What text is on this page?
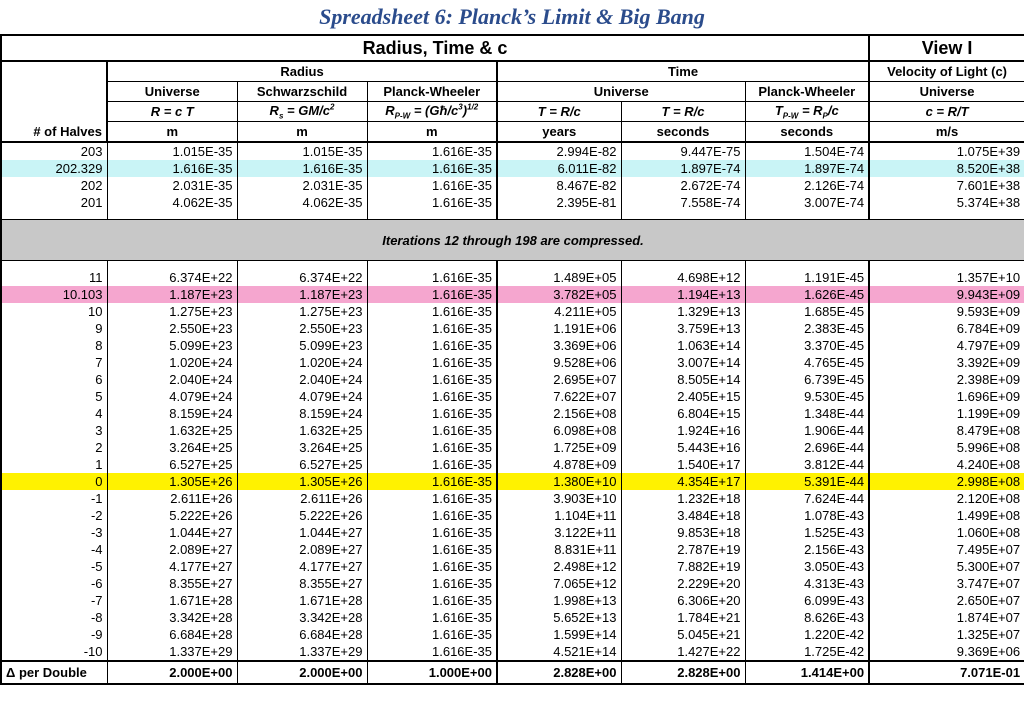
Spreadsheet 6: Planck’s Limit & Big Bang
Radius, Time & c							View I
	Radius			Time			Velocity of Light (c)
	Universe	Schwarzschild	Planck-Wheeler	Universe		Planck-Wheeler	Universe
	R = c T	$R_s = GM/c^2$	$R_{P-W}$ = $(Għ/c^3)^{1/2}$	T = R/c	T = R/c	$T_{P-W} = R_P/c$	c = R/T
# of Halves	m	m	m	years	seconds	seconds	m/s
203	1.015E-35	1.015E-35	1.616E-35	2.994E-82	9.447E-75	1.504E-74	1.075E+39
202.329	1.616E-35	1.616E-35	1.616E-35	6.011E-82	1.897E-74	1.897E-74	8.520E+38
202	2.031E-35	2.031E-35	1.616E-35	8.467E-82	2.672E-74	2.126E-74	7.601E+38
201	4.062E-35	4.062E-35	1.616E-35	2.395E-81	7.558E-74	3.007E-74	5.374E+38

Iterations 12 through 198 are compressed.							

11	6.374E+22	6.374E+22	1.616E-35	1.489E+05	4.698E+12	1.191E-45	1.357E+10
10.103	1.187E+23	1.187E+23	1.616E-35	3.782E+05	1.194E+13	1.626E-45	9.943E+09
10	1.275E+23	1.275E+23	1.616E-35	4.211E+05	1.329E+13	1.685E-45	9.593E+09
9	2.550E+23	2.550E+23	1.616E-35	1.191E+06	3.759E+13	2.383E-45	6.784E+09
8	5.099E+23	5.099E+23	1.616E-35	3.369E+06	1.063E+14	3.370E-45	4.797E+09
7	1.020E+24	1.020E+24	1.616E-35	9.528E+06	3.007E+14	4.765E-45	3.392E+09
6	2.040E+24	2.040E+24	1.616E-35	2.695E+07	8.505E+14	6.739E-45	2.398E+09
5	4.079E+24	4.079E+24	1.616E-35	7.622E+07	2.405E+15	9.530E-45	1.696E+09
4	8.159E+24	8.159E+24	1.616E-35	2.156E+08	6.804E+15	1.348E-44	1.199E+09
3	1.632E+25	1.632E+25	1.616E-35	6.098E+08	1.924E+16	1.906E-44	8.479E+08
2	3.264E+25	3.264E+25	1.616E-35	1.725E+09	5.443E+16	2.696E-44	5.996E+08
1	6.527E+25	6.527E+25	1.616E-35	4.878E+09	1.540E+17	3.812E-44	4.240E+08
0	1.305E+26	1.305E+26	1.616E-35	1.380E+10	4.354E+17	5.391E-44	2.998E+08
-1	2.611E+26	2.611E+26	1.616E-35	3.903E+10	1.232E+18	7.624E-44	2.120E+08
-2	5.222E+26	5.222E+26	1.616E-35	1.104E+11	3.484E+18	1.078E-43	1.499E+08
-3	1.044E+27	1.044E+27	1.616E-35	3.122E+11	9.853E+18	1.525E-43	1.060E+08
-4	2.089E+27	2.089E+27	1.616E-35	8.831E+11	2.787E+19	2.156E-43	7.495E+07
-5	4.177E+27	4.177E+27	1.616E-35	2.498E+12	7.882E+19	3.050E-43	5.300E+07
-6	8.355E+27	8.355E+27	1.616E-35	7.065E+12	2.229E+20	4.313E-43	3.747E+07
-7	1.671E+28	1.671E+28	1.616E-35	1.998E+13	6.306E+20	6.099E-43	2.650E+07
-8	3.342E+28	3.342E+28	1.616E-35	5.652E+13	1.784E+21	8.626E-43	1.874E+07
-9	6.684E+28	6.684E+28	1.616E-35	1.599E+14	5.045E+21	1.220E-42	1.325E+07
-10	1.337E+29	1.337E+29	1.616E-35	4.521E+14	1.427E+22	1.725E-42	9.369E+06
Δ per Double	2.000E+00	2.000E+00	1.000E+00	2.828E+00	2.828E+00	1.414E+00	7.071E-01
